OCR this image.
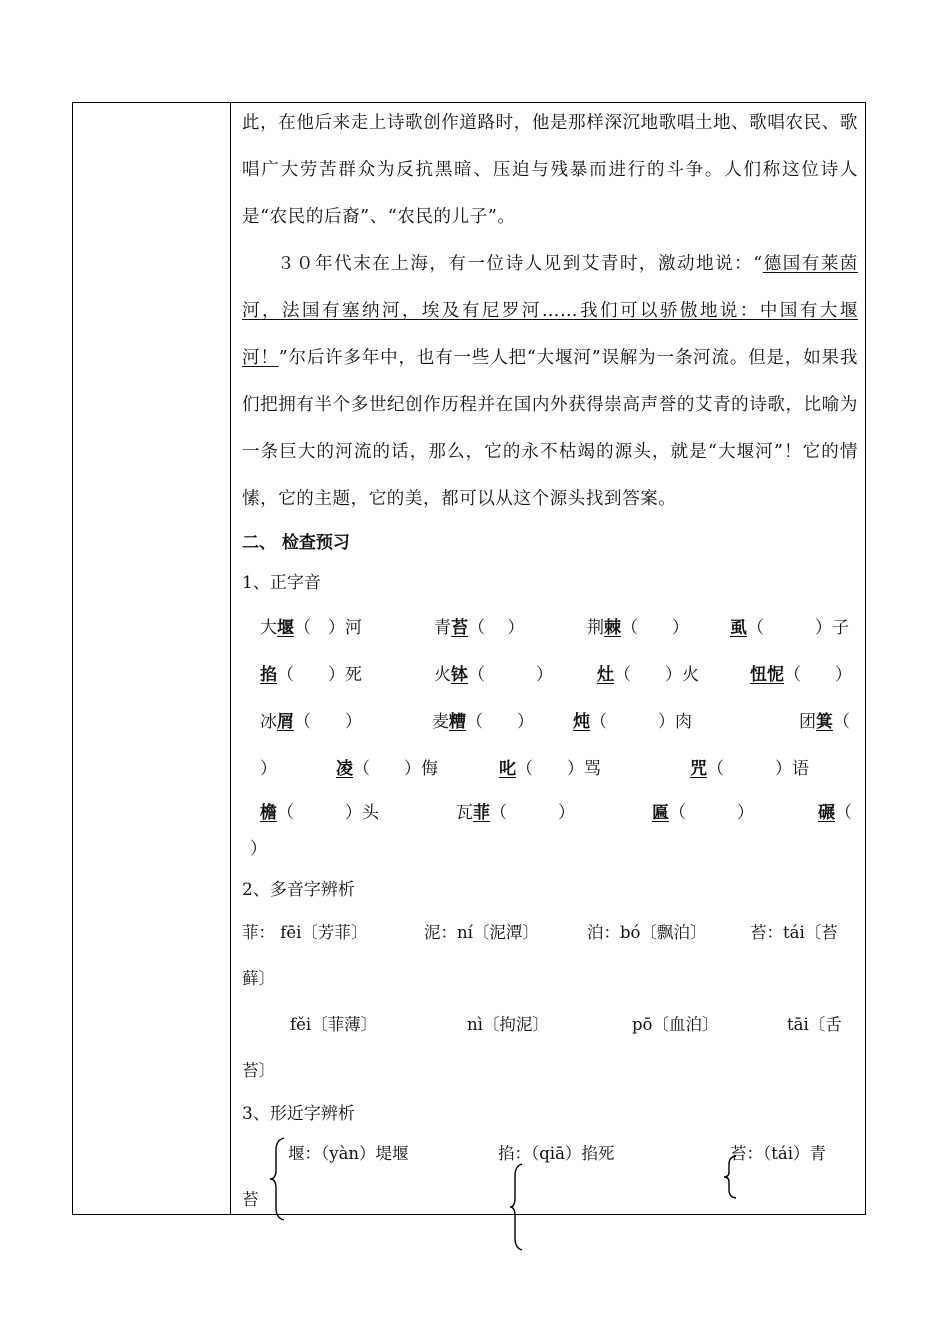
此，在他后来走上诗歌创作道路时，他是那样深沉地歌唱土地、歌唱农民、歌唱广大劳苦群众为反抗黑暗、压迫与残暴而进行的斗争。人们称这位诗人是“农民的后裔”、“农民的儿子”。

３０年代末在上海，有一位诗人见到艾青时，激动地说：“德国有莱茵河，法国有塞纳河，埃及有尼罗河……我们可以骄傲地说：中国有大堰河！”尔后许多年中，也有一些人把“大堰河”误解为一条河流。但是，如果我们把拥有半个多世纪创作历程并在国内外获得崇高声誉的艾青的诗歌，比喻为一条巨大的河流的话，那么，它的永不枯竭的源头，就是“大堰河”！它的情愫，它的主题，它的美，都可以从这个源头找到答案。

二、 检查预习

1、正字音

大堰（　）河	青苔（　 ）	荆棘（　　） 虱（　　　）子
掐（　　）死	火钵（　　　）	灶（　　）火	忸怩（　　）
冰屑（　　）	麦糟（　　） 炖（　　　）肉	团箕（
）	凌（　　）侮	叱（　　）骂	咒（　　　）语
檐（　　　）头	瓦菲（　　　）	匾（　　　）	碾（
）

2、多音字辨析

菲： fēi〔芳菲〕	泥：ní〔泥潭〕	泊：bó〔飘泊〕	苔：tái〔苔
藓〕
fěi〔菲薄〕	nì〔拘泥〕	pō〔血泊〕	tāi〔舌
苔〕

3、形近字辨析

堰：（yàn）堤堰	掐：（qiā）掐死	苔：（tái）青
苔
